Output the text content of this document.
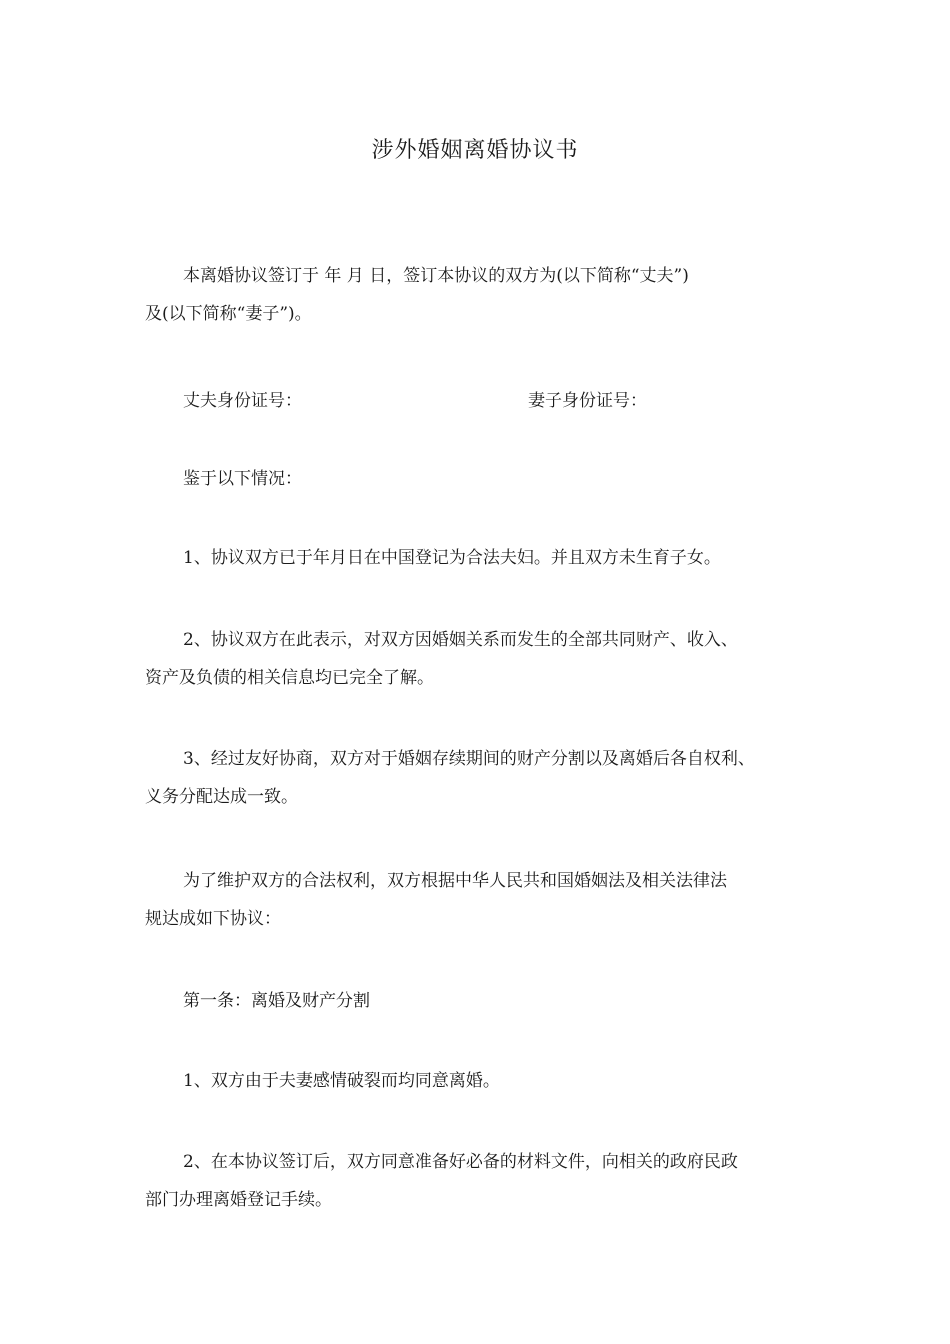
涉外婚姻离婚协议书
本离婚协议签订于 年 月 日，签订本协议的双方为(以下简称“丈夫”)
及(以下简称“妻子”)。
丈夫身份证号：	妻子身份证号：
鉴于以下情况：
1、协议双方已于年月日在中国登记为合法夫妇。并且双方未生育子女。
2、协议双方在此表示，对双方因婚姻关系而发生的全部共同财产、收入、
资产及负债的相关信息均已完全了解。
3、经过友好协商，双方对于婚姻存续期间的财产分割以及离婚后各自权利、
义务分配达成一致。
为了维护双方的合法权利，双方根据中华人民共和国婚姻法及相关法律法
规达成如下协议：
第一条：离婚及财产分割
1、双方由于夫妻感情破裂而均同意离婚。
2、在本协议签订后，双方同意准备好必备的材料文件，向相关的政府民政
部门办理离婚登记手续。
